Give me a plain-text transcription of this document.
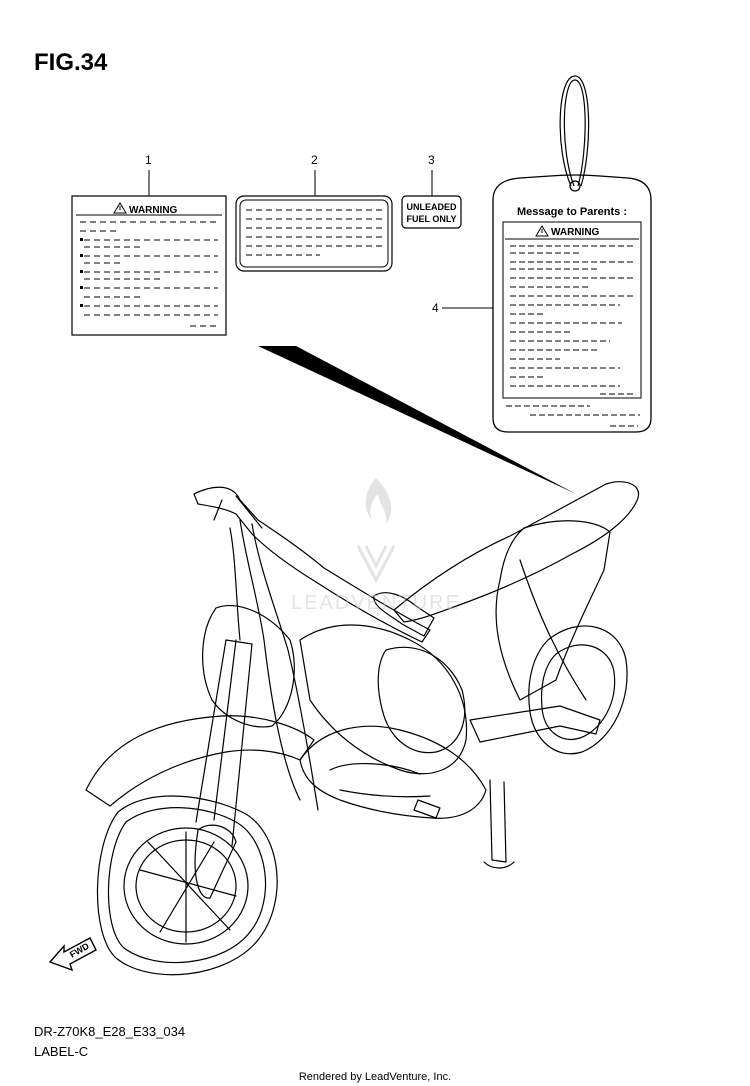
FIG.34
1
WARNING
2	3
UNLEADED
FUEL ONLY
4
Message to Parents :
WARNING
LEADVENTURE
FWD
DR-Z70K8_E28_E33_034
LABEL-C
Rendered by LeadVenture, Inc.
